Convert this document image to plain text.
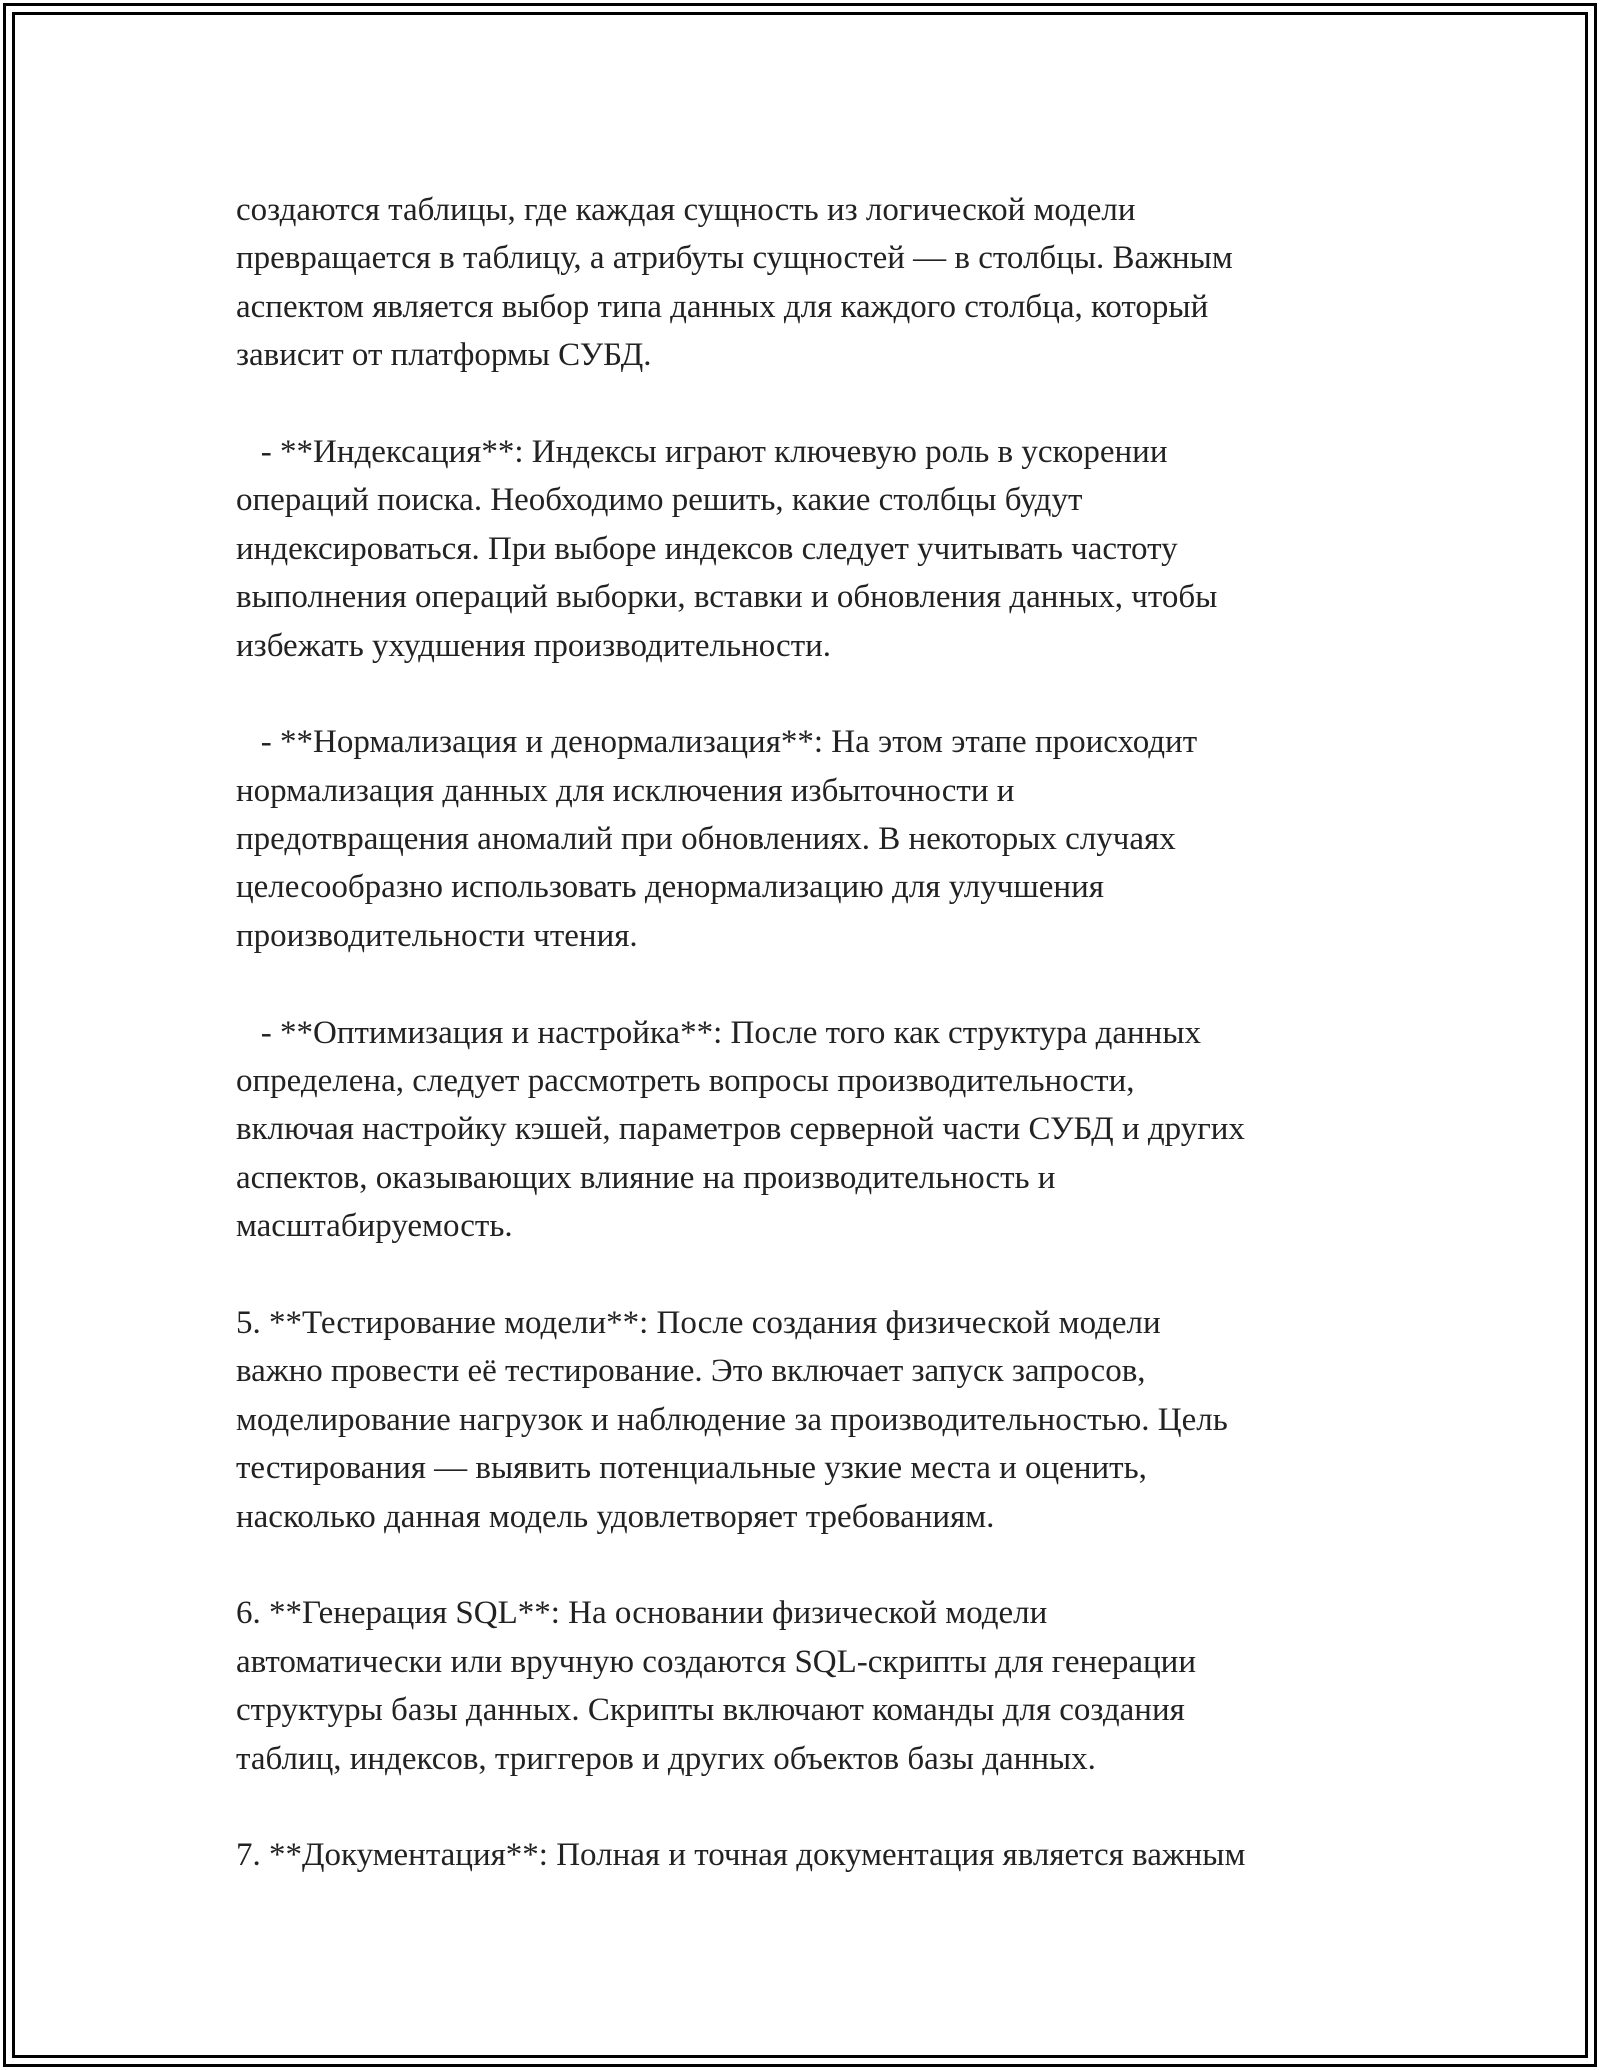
создаются таблицы, где каждая сущность из логической модели
превращается в таблицу, а атрибуты сущностей — в столбцы. Важным
аспектом является выбор типа данных для каждого столбца, который
зависит от платформы СУБД.
- **Индексация**: Индексы играют ключевую роль в ускорении
операций поиска. Необходимо решить, какие столбцы будут
индексироваться. При выборе индексов следует учитывать частоту
выполнения операций выборки, вставки и обновления данных, чтобы
избежать ухудшения производительности.
- **Нормализация и денормализация**: На этом этапе происходит
нормализация данных для исключения избыточности и
предотвращения аномалий при обновлениях. В некоторых случаях
целесообразно использовать денормализацию для улучшения
производительности чтения.
- **Оптимизация и настройка**: После того как структура данных
определена, следует рассмотреть вопросы производительности,
включая настройку кэшей, параметров серверной части СУБД и других
аспектов, оказывающих влияние на производительность и
масштабируемость.
5. **Тестирование модели**: После создания физической модели
важно провести её тестирование. Это включает запуск запросов,
моделирование нагрузок и наблюдение за производительностью. Цель
тестирования — выявить потенциальные узкие места и оценить,
насколько данная модель удовлетворяет требованиям.
6. **Генерация SQL**: На основании физической модели
автоматически или вручную создаются SQL-скрипты для генерации
структуры базы данных. Скрипты включают команды для создания
таблиц, индексов, триггеров и других объектов базы данных.
7. **Документация**: Полная и точная документация является важным
